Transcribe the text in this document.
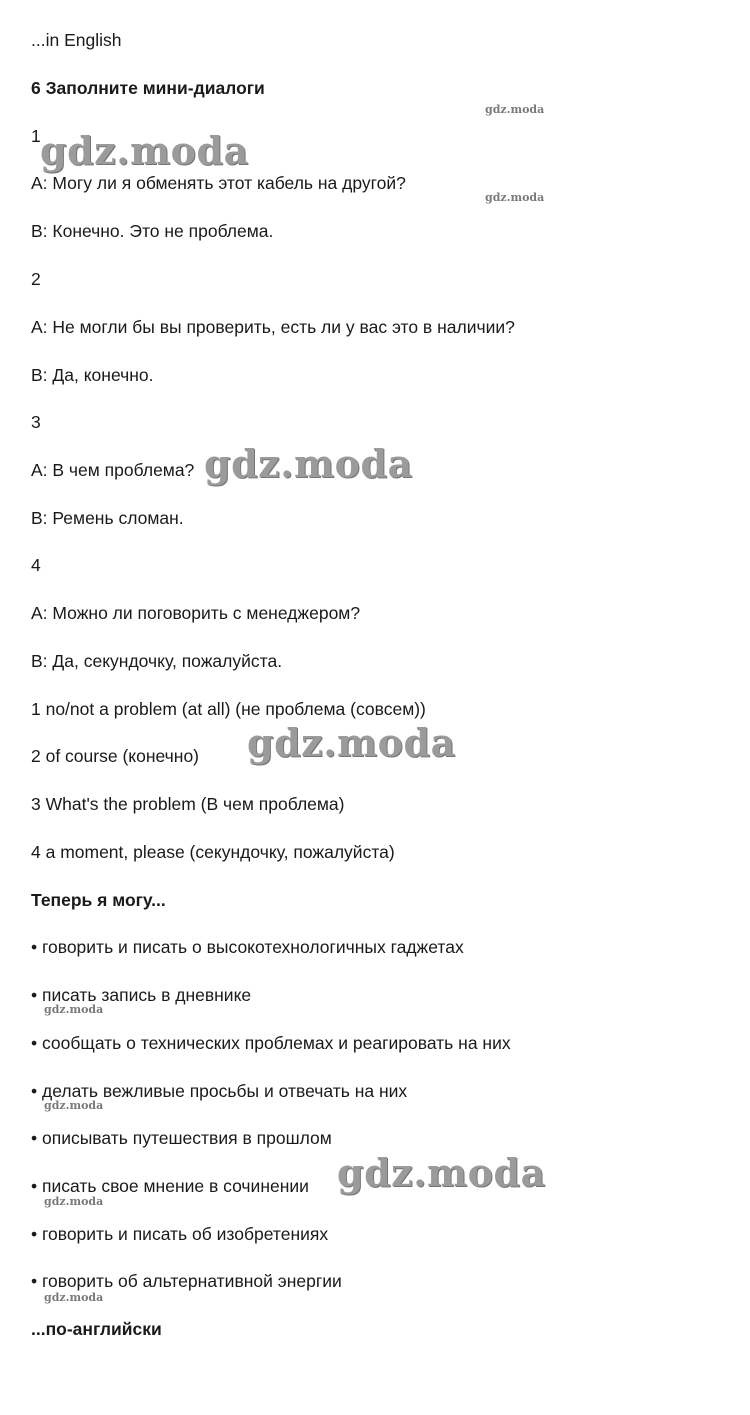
...in English
6 Заполните мини-диалоги
1
A: Могу ли я обменять этот кабель на другой?
B: Конечно. Это не проблема.
2
A: Не могли бы вы проверить, есть ли у вас это в наличии?
B: Да, конечно.
3
A: В чем проблема?
B: Ремень сломан.
4
A: Можно ли поговорить с менеджером?
B: Да, секундочку, пожалуйста.
1 no/not a problem (at all) (не проблема (совсем))
2 of course (конечно)
3 What's the problem (В чем проблема)
4 a moment, please (секундочку, пожалуйста)
Теперь я могу...
• говорить и писать о высокотехнологичных гаджетах
• писать запись в дневнике
• сообщать о технических проблемах и реагировать на них
• делать вежливые просьбы и отвечать на них
• описывать путешествия в прошлом
• писать свое мнение в сочинении
• говорить и писать об изобретениях
• говорить об альтернативной энергии
...по-английски
gdz.moda
gdz.moda
gdz.moda
gdz.moda
gdz.moda
gdz.moda
gdz.moda
gdz.moda
gdz.moda
gdz.moda
